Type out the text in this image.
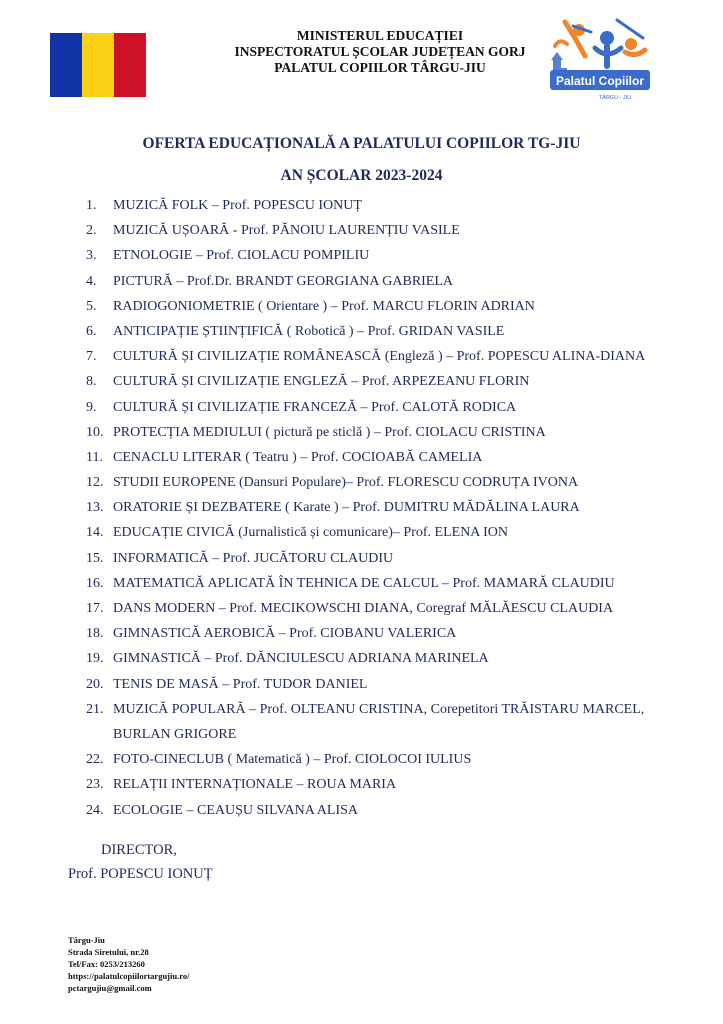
MINISTERUL EDUCAȚIEI
INSPECTORATUL ȘCOLAR JUDEȚEAN GORJ
PALATUL COPIILOR TÂRGU-JIU
Palatul Copiilor
TÂRGU - JIU
OFERTA EDUCAȚIONALĂ A PALATULUI COPIILOR TG-JIU
AN ȘCOLAR 2023-2024
1. MUZICĂ FOLK – Prof. POPESCU IONUȚ
2. MUZICĂ UȘOARĂ - Prof. PĂNOIU LAURENȚIU VASILE
3. ETNOLOGIE – Prof. CIOLACU POMPILIU
4. PICTURĂ – Prof.Dr. BRANDT GEORGIANA GABRIELA
5. RADIOGONIOMETRIE ( Orientare ) – Prof. MARCU FLORIN ADRIAN
6. ANTICIPAȚIE ȘTIINȚIFICĂ ( Robotică ) – Prof. GRIDAN VASILE
7. CULTURĂ ȘI CIVILIZAȚIE ROMÂNEASCĂ (Engleză ) – Prof. POPESCU ALINA-DIANA
8. CULTURĂ ȘI CIVILIZAȚIE ENGLEZĂ – Prof. ARPEZEANU FLORIN
9. CULTURĂ ȘI CIVILIZAȚIE FRANCEZĂ – Prof. CALOTĂ RODICA
10. PROTECȚIA MEDIULUI ( pictură pe sticlă ) – Prof. CIOLACU CRISTINA
11. CENACLU LITERAR ( Teatru ) – Prof. COCIOABĂ CAMELIA
12. STUDII EUROPENE (Dansuri Populare)– Prof. FLORESCU CODRUȚA IVONA
13. ORATORIE ȘI DEZBATERE ( Karate ) – Prof. DUMITRU MĂDĂLINA LAURA
14. EDUCAȚIE CIVICĂ (Jurnalistică și comunicare)– Prof. ELENA ION
15. INFORMATICĂ – Prof. JUCĂTORU CLAUDIU
16. MATEMATICĂ APLICATĂ ÎN TEHNICA DE CALCUL – Prof. MAMARĂ CLAUDIU
17. DANS MODERN – Prof. MECIKOWSCHI DIANA, Coregraf MĂLĂESCU CLAUDIA
18. GIMNASTICĂ AEROBICĂ – Prof. CIOBANU VALERICA
19. GIMNASTICĂ – Prof. DĂNCIULESCU ADRIANA MARINELA
20. TENIS DE MASĂ – Prof. TUDOR DANIEL
21. MUZICĂ POPULARĂ – Prof. OLTEANU CRISTINA, Corepetitori TRĂISTARU MARCEL,
BURLAN GRIGORE
22. FOTO-CINECLUB ( Matematică ) – Prof. CIOLOCOI IULIUS
23. RELAȚII INTERNAȚIONALE – ROUA MARIA
24. ECOLOGIE – CEAUȘU SILVANA ALISA
DIRECTOR,
Prof. POPESCU IONUȚ
Târgu-Jiu
Strada Siretului, nr.28
Tel/Fax: 0253/213260
https://palatulcopiilortargujiu.ro/
pctargujiu@gmail.com
